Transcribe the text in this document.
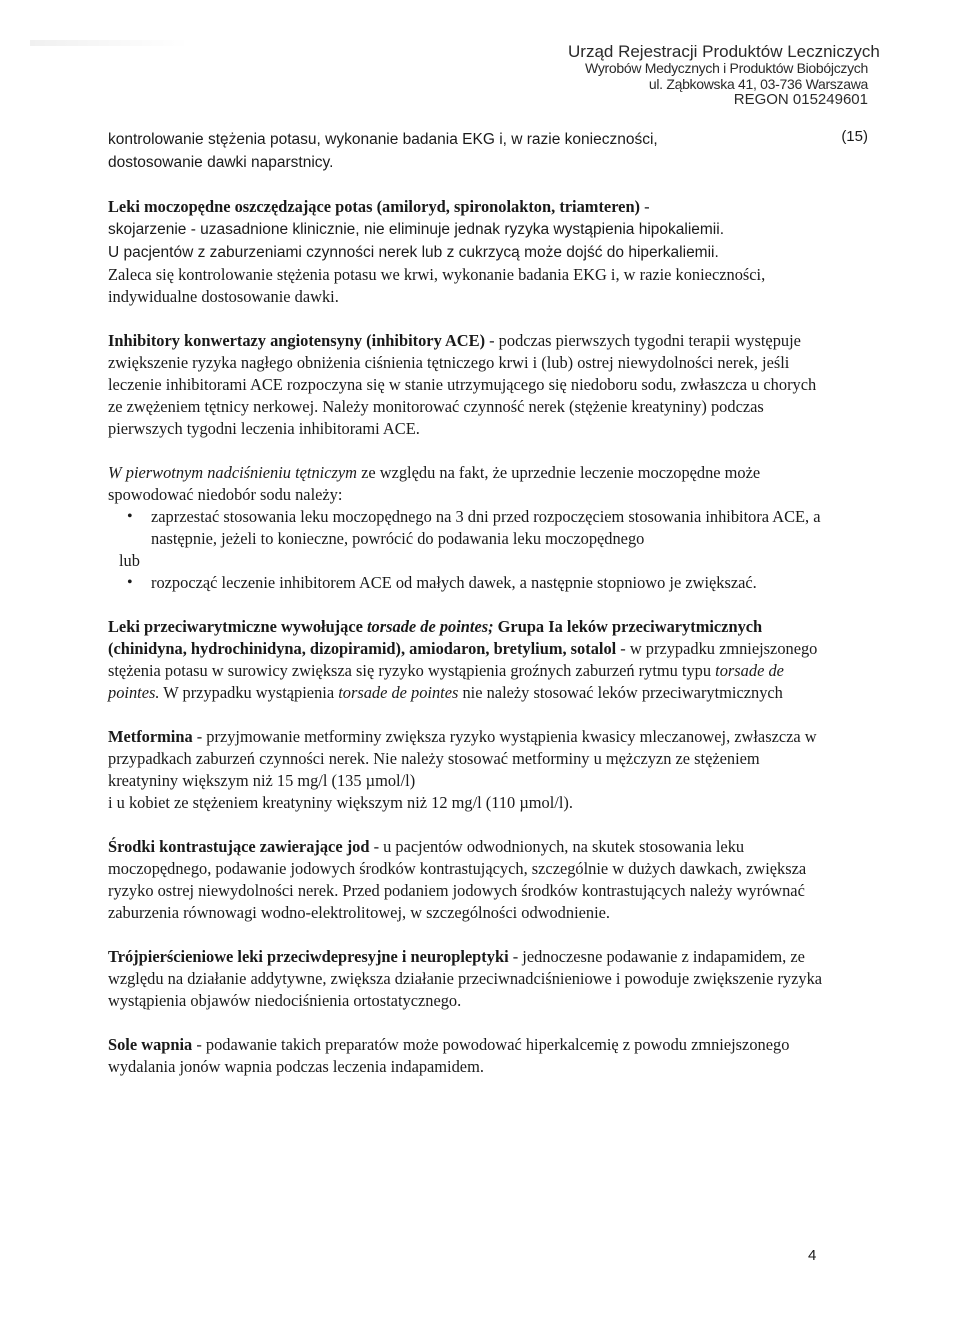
Urząd Rejestracji Produktów Leczniczych
Wyrobów Medycznych i Produktów Biobójczych
ul. Ząbkowska 41, 03-736 Warszawa
REGON 015249601
(15)

kontrolowanie stężenia potasu, wykonanie badania EKG i, w razie konieczności,
dostosowanie dawki naparstnicy.

Leki moczopędne oszczędzające potas (amiloryd, spironolakton, triamteren) -
skojarzenie - uzasadnione klinicznie, nie eliminuje jednak ryzyka wystąpienia hipokaliemii.
U pacjentów z zaburzeniami czynności nerek lub z cukrzycą może dojść do hiperkaliemii.
Zaleca się kontrolowanie stężenia potasu we krwi, wykonanie badania EKG i, w razie konieczności, indywidualne dostosowanie dawki.

Inhibitory konwertazy angiotensyny (inhibitory ACE) - podczas pierwszych tygodni terapii występuje zwiększenie ryzyka nagłego obniżenia ciśnienia tętniczego krwi i (lub) ostrej niewydolności nerek, jeśli leczenie inhibitorami ACE rozpoczyna się w stanie utrzymującego się niedoboru sodu, zwłaszcza u chorych ze zwężeniem tętnicy nerkowej. Należy monitorować czynność nerek (stężenie kreatyniny) podczas pierwszych tygodni leczenia inhibitorami ACE.

W pierwotnym nadciśnieniu tętniczym ze względu na fakt, że uprzednie leczenie moczopędne może spowodować niedobór sodu należy:
• zaprzestać stosowania leku moczopędnego na 3 dni przed rozpoczęciem stosowania inhibitora ACE, a następnie, jeżeli to konieczne, powrócić do podawania leku moczopędnego
lub
• rozpocząć leczenie inhibitorem ACE od małych dawek, a następnie stopniowo je zwiększać.

Leki przeciwarytmiczne wywołujące torsade de pointes; Grupa Ia leków przeciwarytmicznych (chinidyna, hydrochinidyna, dizopiramid), amiodaron, bretylium, sotalol - w przypadku zmniejszonego stężenia potasu w surowicy zwiększa się ryzyko wystąpienia groźnych zaburzeń rytmu typu torsade de pointes. W przypadku wystąpienia torsade de pointes nie należy stosować leków przeciwarytmicznych

Metformina - przyjmowanie metforminy zwiększa ryzyko wystąpienia kwasicy mleczanowej, zwłaszcza w przypadkach zaburzeń czynności nerek. Nie należy stosować metforminy u mężczyzn ze stężeniem kreatyniny większym niż 15 mg/l (135 µmol/l)
i u kobiet ze stężeniem kreatyniny większym niż 12 mg/l (110 µmol/l).

Środki kontrastujące zawierające jod - u pacjentów odwodnionych, na skutek stosowania leku moczopędnego, podawanie jodowych środków kontrastujących, szczególnie w dużych dawkach, zwiększa ryzyko ostrej niewydolności nerek. Przed podaniem jodowych środków kontrastujących należy wyrównać zaburzenia równowagi wodno-elektrolitowej, w szczególności odwodnienie.

Trójpierścieniowe leki przeciwdepresyjne i neuropleptyki - jednoczesne podawanie z indapamidem, ze względu na działanie addytywne, zwiększa działanie przeciwnadciśnieniowe i powoduje zwiększenie ryzyka wystąpienia objawów niedociśnienia ortostatycznego.

Sole wapnia - podawanie takich preparatów może powodować hiperkalcemię z powodu zmniejszonego wydalania jonów wapnia podczas leczenia indapamidem.

4
